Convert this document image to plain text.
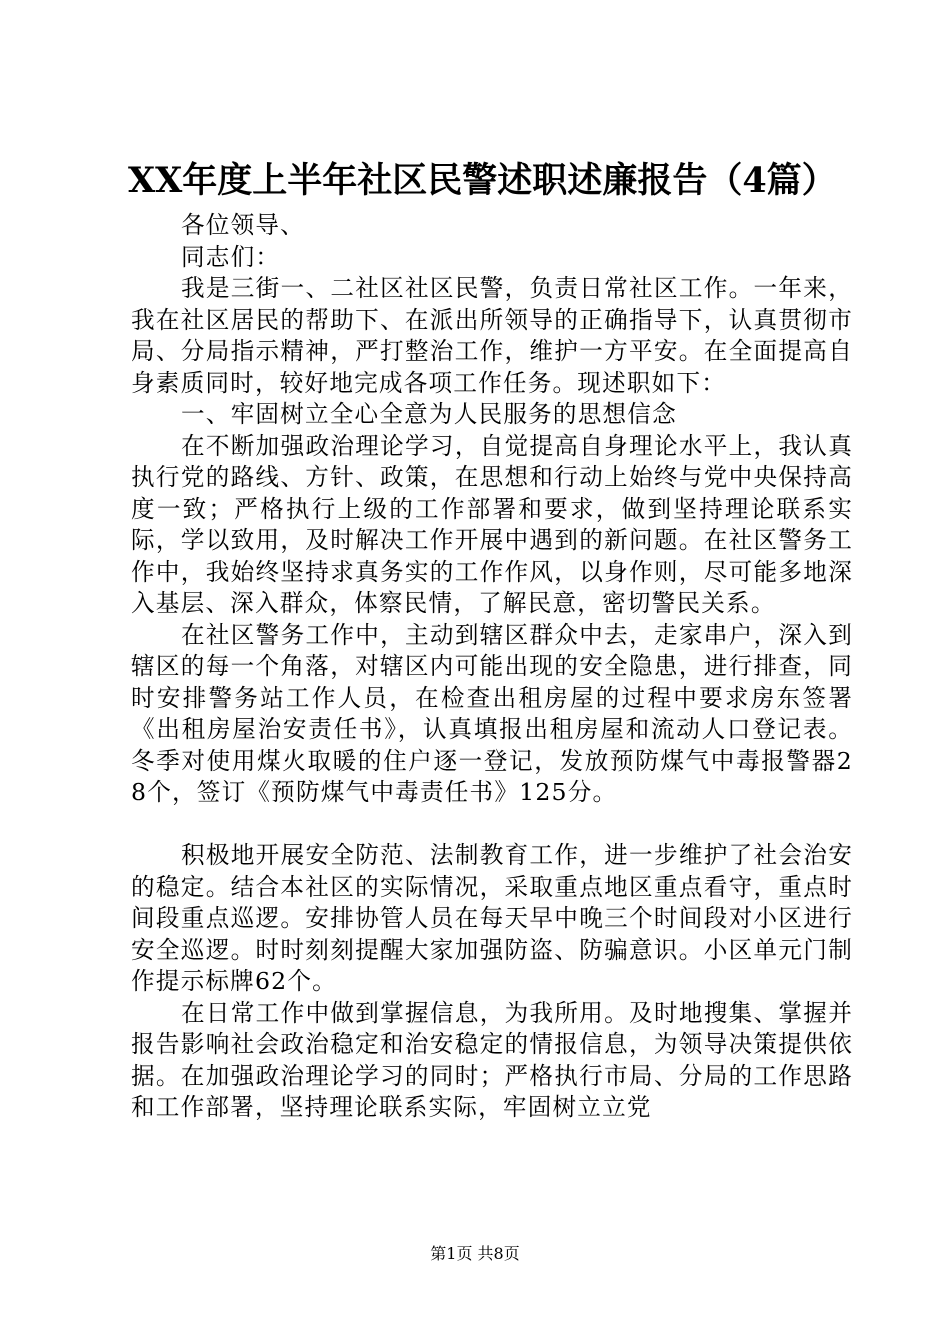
XX年度上半年社区民警述职述廉报告（4篇）

各位领导、

同志们：

我是三街一、二社区社区民警，负责日常社区工作。一年来，我在社区居民的帮助下、在派出所领导的正确指导下，认真贯彻市局、分局指示精神，严打整治工作，维护一方平安。在全面提高自身素质同时，较好地完成各项工作任务。现述职如下：

一、牢固树立全心全意为人民服务的思想信念

在不断加强政治理论学习，自觉提高自身理论水平上，我认真执行党的路线、方针、政策，在思想和行动上始终与党中央保持高度一致；严格执行上级的工作部署和要求，做到坚持理论联系实际，学以致用，及时解决工作开展中遇到的新问题。在社区警务工作中，我始终坚持求真务实的工作作风，以身作则，尽可能多地深入基层、深入群众，体察民情，了解民意，密切警民关系。

在社区警务工作中，主动到辖区群众中去，走家串户，深入到辖区的每一个角落，对辖区内可能出现的安全隐患，进行排查，同时安排警务站工作人员，在检查出租房屋的过程中要求房东签署《出租房屋治安责任书》，认真填报出租房屋和流动人口登记表。冬季对使用煤火取暖的住户逐一登记，发放预防煤气中毒报警器28个，签订《预防煤气中毒责任书》125分。

积极地开展安全防范、法制教育工作，进一步维护了社会治安的稳定。结合本社区的实际情况，采取重点地区重点看守，重点时间段重点巡逻。安排协管人员在每天早中晚三个时间段对小区进行安全巡逻。时时刻刻提醒大家加强防盗、防骗意识。小区单元门制作提示标牌62个。

在日常工作中做到掌握信息，为我所用。及时地搜集、掌握并报告影响社会政治稳定和治安稳定的情报信息，为领导决策提供依据。在加强政治理论学习的同时；严格执行市局、分局的工作思路和工作部署，坚持理论联系实际，牢固树立立党

第1页 共8页
